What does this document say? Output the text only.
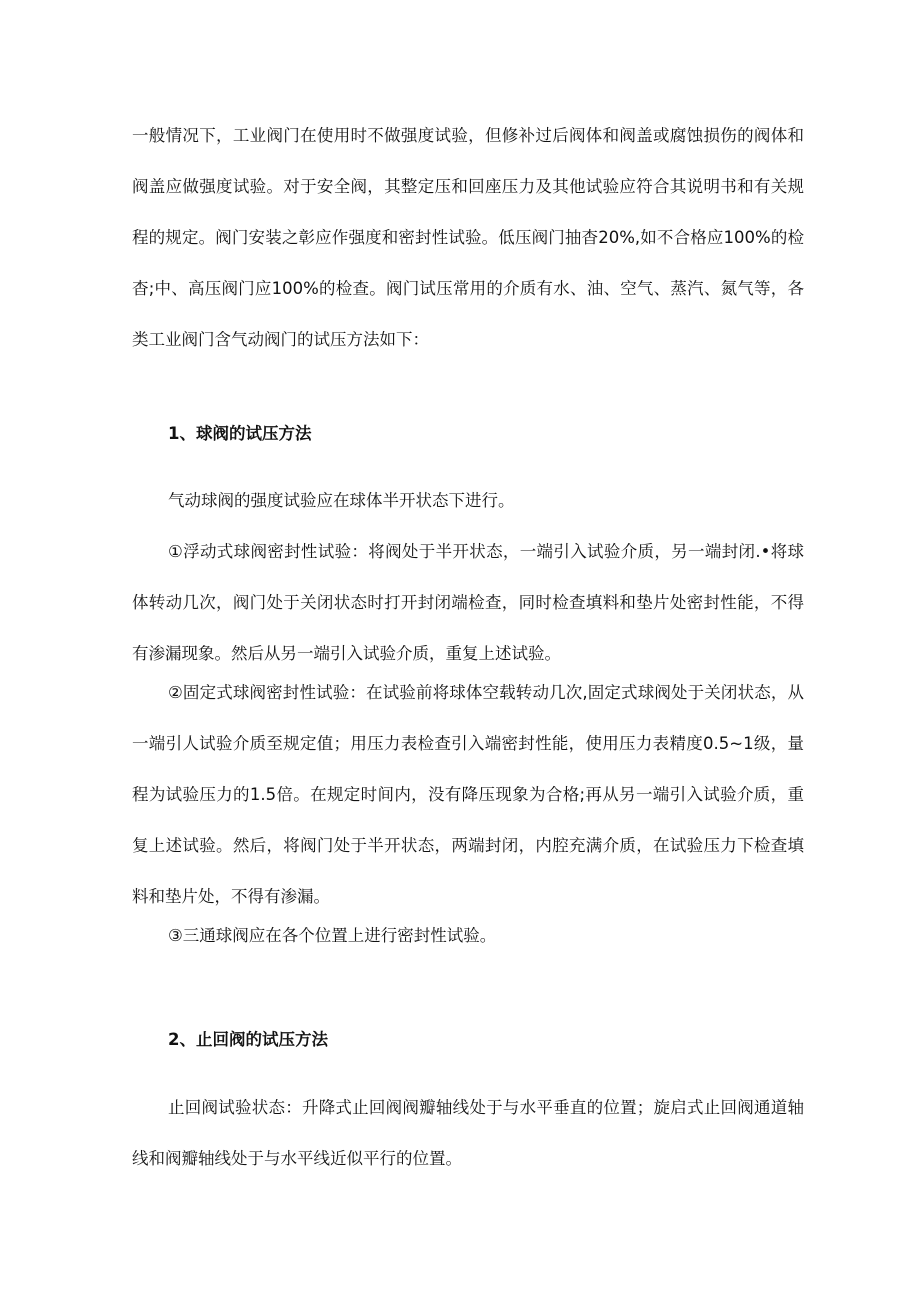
一般情况下，工业阀门在使用时不做强度试验，但修补过后阀体和阀盖或腐蚀损伤的阀体和阀盖应做强度试验。对于安全阀，其整定压和回座压力及其他试验应符合其说明书和有关规程的规定。阀门安装之彰应作强度和密封性试验。低压阀门抽杳20%,如不合格应100%的检杳;中、高压阀门应100%的检查。阀门试压常用的介质有水、油、空气、蒸汽、氮气等，各类工业阀门含气动阀门的试压方法如下：

1、球阀的试压方法

气动球阀的强度试验应在球体半开状态下进行。

①浮动式球阀密封性试验：将阀处于半开状态，一端引入试验介质，另一端封闭.•将球体转动几次，阀门处于关闭状态时打开封闭端检查，同时检查填料和垫片处密封性能，不得有渗漏现象。然后从另一端引入试验介质，重复上述试验。

②固定式球阀密封性试验：在试验前将球体空载转动几次,固定式球阀处于关闭状态，从一端引人试验介质至规定值；用压力表检查引入端密封性能，使用压力表精度0.5~1级，量程为试验压力的1.5倍。在规定时间内，没有降压现象为合格;再从另一端引入试验介质，重复上述试验。然后，将阀门处于半开状态，两端封闭，内腔充满介质，在试验压力下检查填料和垫片处，不得有渗漏。

③三通球阀应在各个位置上进行密封性试验。

2、止回阀的试压方法

止回阀试验状态：升降式止回阀阀瓣轴线处于与水平垂直的位置；旋启式止回阀通道轴线和阀瓣轴线处于与水平线近似平行的位置。
